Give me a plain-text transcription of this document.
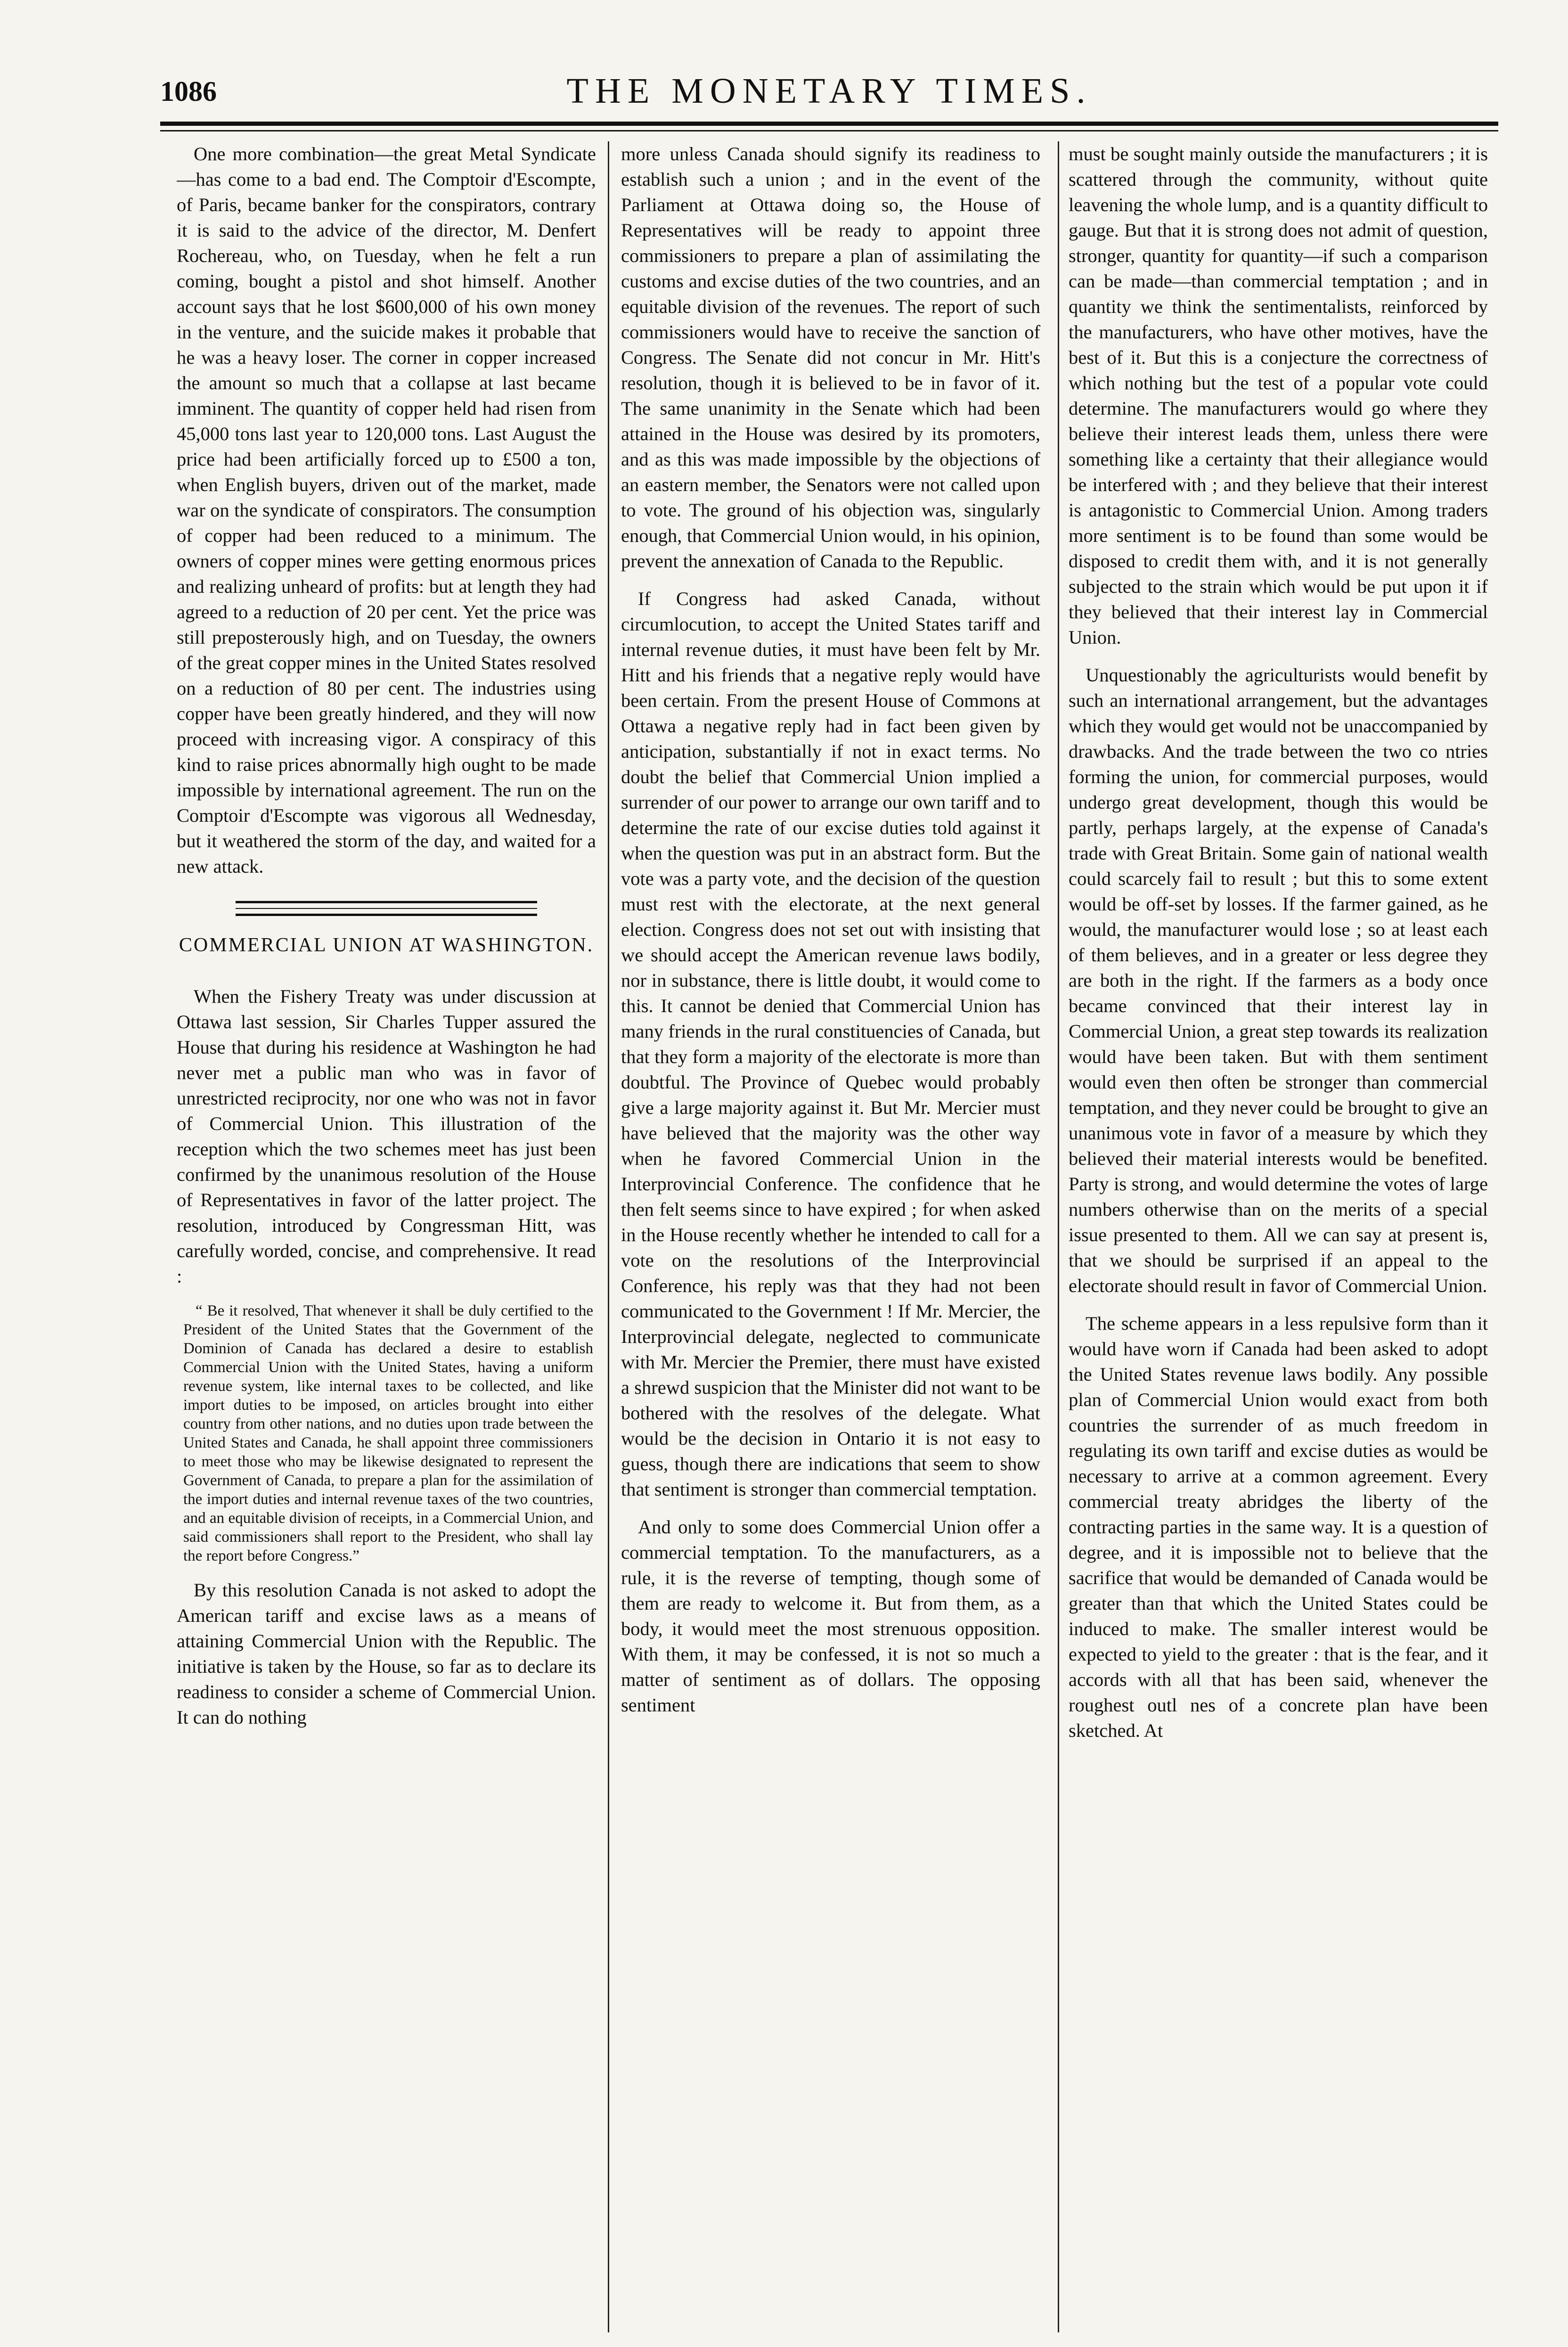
1086	THE MONETARY TIMES.

One more combination—the great Metal Syndicate—has come to a bad end. The Comptoir d'Escompte, of Paris, became banker for the conspirators, contrary it is said to the advice of the director, M. Denfert Rochereau, who, on Tuesday, when he felt a run coming, bought a pistol and shot himself. Another account says that he lost $600,000 of his own money in the venture, and the suicide makes it probable that he was a heavy loser. The corner in copper increased the amount so much that a collapse at last became imminent. The quantity of copper held had risen from 45,000 tons last year to 120,000 tons. Last August the price had been artificially forced up to £500 a ton, when English buyers, driven out of the market, made war on the syndicate of conspirators. The consumption of copper had been reduced to a minimum. The owners of copper mines were getting enormous prices and realizing unheard of profits: but at length they had agreed to a reduction of 20 per cent. Yet the price was still preposterously high, and on Tuesday, the owners of the great copper mines in the United States resolved on a reduction of 80 per cent. The industries using copper have been greatly hindered, and they will now proceed with increasing vigor. A conspiracy of this kind to raise prices abnormally high ought to be made impossible by international agreement. The run on the Comptoir d'Escompte was vigorous all Wednesday, but it weathered the storm of the day, and waited for a new attack.

COMMERCIAL UNION AT WASHINGTON.

When the Fishery Treaty was under discussion at Ottawa last session, Sir Charles Tupper assured the House that during his residence at Washington he had never met a public man who was in favor of unrestricted reciprocity, nor one who was not in favor of Commercial Union. This illustration of the reception which the two schemes meet has just been confirmed by the unanimous resolution of the House of Representatives in favor of the latter project. The resolution, introduced by Congressman Hitt, was carefully worded, concise, and comprehensive. It read :

“ Be it resolved, That whenever it shall be duly certified to the President of the United States that the Government of the Dominion of Canada has declared a desire to establish Commercial Union with the United States, having a uniform revenue system, like internal taxes to be collected, and like import duties to be imposed, on articles brought into either country from other nations, and no duties upon trade between the United States and Canada, he shall appoint three commissioners to meet those who may be likewise designated to represent the Government of Canada, to prepare a plan for the assimilation of the import duties and internal revenue taxes of the two countries, and an equitable division of receipts, in a Commercial Union, and said commissioners shall report to the President, who shall lay the report before Congress.”

By this resolution Canada is not asked to adopt the American tariff and excise laws as a means of attaining Commercial Union with the Republic. The initiative is taken by the House, so far as to declare its readiness to consider a scheme of Commercial Union. It can do nothing

more unless Canada should signify its readiness to establish such a union ; and in the event of the Parliament at Ottawa doing so, the House of Representatives will be ready to appoint three commissioners to prepare a plan of assimilating the customs and excise duties of the two countries, and an equitable division of the revenues. The report of such commissioners would have to receive the sanction of Congress. The Senate did not concur in Mr. Hitt's resolution, though it is believed to be in favor of it. The same unanimity in the Senate which had been attained in the House was desired by its promoters, and as this was made impossible by the objections of an eastern member, the Senators were not called upon to vote. The ground of his objection was, singularly enough, that Commercial Union would, in his opinion, prevent the annexation of Canada to the Republic.

If Congress had asked Canada, without circumlocution, to accept the United States tariff and internal revenue duties, it must have been felt by Mr. Hitt and his friends that a negative reply would have been certain. From the present House of Commons at Ottawa a negative reply had in fact been given by anticipation, substantially if not in exact terms. No doubt the belief that Commercial Union implied a surrender of our power to arrange our own tariff and to determine the rate of our excise duties told against it when the question was put in an abstract form. But the vote was a party vote, and the decision of the question must rest with the electorate, at the next general election. Congress does not set out with insisting that we should accept the American revenue laws bodily, nor in substance, there is little doubt, it would come to this. It cannot be denied that Commercial Union has many friends in the rural constituencies of Canada, but that they form a majority of the electorate is more than doubtful. The Province of Quebec would probably give a large majority against it. But Mr. Mercier must have believed that the majority was the other way when he favored Commercial Union in the Interprovincial Conference. The confidence that he then felt seems since to have expired ; for when asked in the House recently whether he intended to call for a vote on the resolutions of the Interprovincial Conference, his reply was that they had not been communicated to the Government ! If Mr. Mercier, the Interprovincial delegate, neglected to communicate with Mr. Mercier the Premier, there must have existed a shrewd suspicion that the Minister did not want to be bothered with the resolves of the delegate. What would be the decision in Ontario it is not easy to guess, though there are indications that seem to show that sentiment is stronger than commercial temptation.

And only to some does Commercial Union offer a commercial temptation. To the manufacturers, as a rule, it is the reverse of tempting, though some of them are ready to welcome it. But from them, as a body, it would meet the most strenuous opposition. With them, it may be confessed, it is not so much a matter of sentiment as of dollars. The opposing sentiment

must be sought mainly outside the manufacturers ; it is scattered through the community, without quite leavening the whole lump, and is a quantity difficult to gauge. But that it is strong does not admit of question, stronger, quantity for quantity—if such a comparison can be made—than commercial temptation ; and in quantity we think the sentimentalists, reinforced by the manufacturers, who have other motives, have the best of it. But this is a conjecture the correctness of which nothing but the test of a popular vote could determine. The manufacturers would go where they believe their interest leads them, unless there were something like a certainty that their allegiance would be interfered with ; and they believe that their interest is antagonistic to Commercial Union. Among traders more sentiment is to be found than some would be disposed to credit them with, and it is not generally subjected to the strain which would be put upon it if they believed that their interest lay in Commercial Union.

Unquestionably the agriculturists would benefit by such an international arrangement, but the advantages which they would get would not be unaccompanied by drawbacks. And the trade between the two co ntries forming the union, for commercial purposes, would undergo great development, though this would be partly, perhaps largely, at the expense of Canada's trade with Great Britain. Some gain of national wealth could scarcely fail to result ; but this to some extent would be off-set by losses. If the farmer gained, as he would, the manufacturer would lose ; so at least each of them believes, and in a greater or less degree they are both in the right. If the farmers as a body once became convinced that their interest lay in Commercial Union, a great step towards its realization would have been taken. But with them sentiment would even then often be stronger than commercial temptation, and they never could be brought to give an unanimous vote in favor of a measure by which they believed their material interests would be benefited. Party is strong, and would determine the votes of large numbers otherwise than on the merits of a special issue presented to them. All we can say at present is, that we should be surprised if an appeal to the electorate should result in favor of Commercial Union.

The scheme appears in a less repulsive form than it would have worn if Canada had been asked to adopt the United States revenue laws bodily. Any possible plan of Commercial Union would exact from both countries the surrender of as much freedom in regulating its own tariff and excise duties as would be necessary to arrive at a common agreement. Every commercial treaty abridges the liberty of the contracting parties in the same way. It is a question of degree, and it is impossible not to believe that the sacrifice that would be demanded of Canada would be greater than that which the United States could be induced to make. The smaller interest would be expected to yield to the greater : that is the fear, and it accords with all that has been said, whenever the roughest outl nes of a concrete plan have been sketched. At
